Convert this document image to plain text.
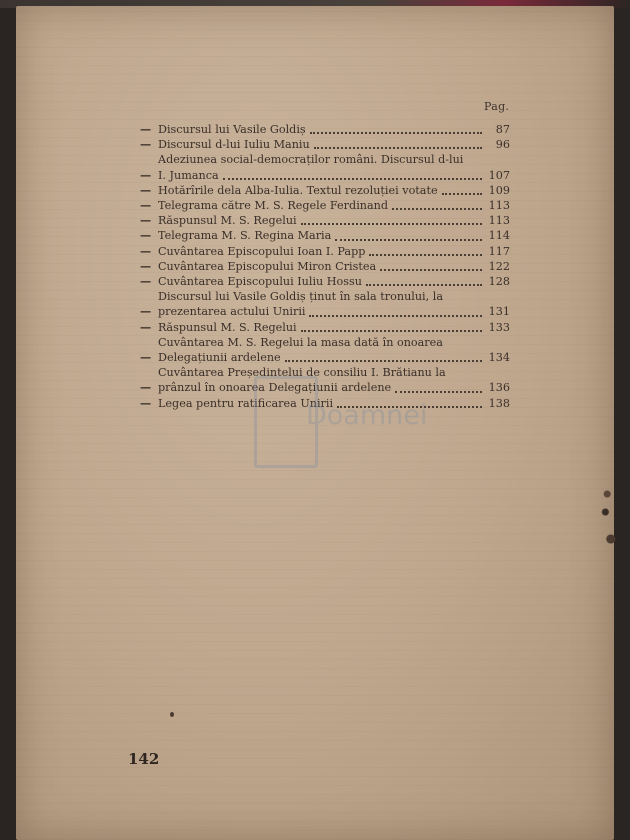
Pag.
— Discursul lui Vasile Goldiș	87
— Discursul d-lui Iuliu Maniu	96
—
Adeziunea social-democraților români. Discursul d-lui
I. Jumanca	107
— Hotărîrile dela Alba-Iulia. Textul rezoluției votate	109
— Telegrama către M. S. Regele Ferdinand	113
— Răspunsul M. S. Regelui	113
— Telegrama M. S. Regina Maria	114
— Cuvântarea Episcopului Ioan I. Papp	117
— Cuvântarea Episcopului Miron Cristea	122
— Cuvântarea Episcopului Iuliu Hossu	128
—
Discursul lui Vasile Goldiș ținut în sala tronului, la
prezentarea actului Unirii	131
— Răspunsul M. S. Regelui	133
—
Cuvântarea M. S. Regelui la masa dată în onoarea
Delegațiunii ardelene	134
—
Cuvântarea Președintelui de consiliu I. Brătianu la
prânzul în onoarea Delegațiunii ardelene	136
— Legea pentru ratificarea Unirii	138
Doamnei
142
